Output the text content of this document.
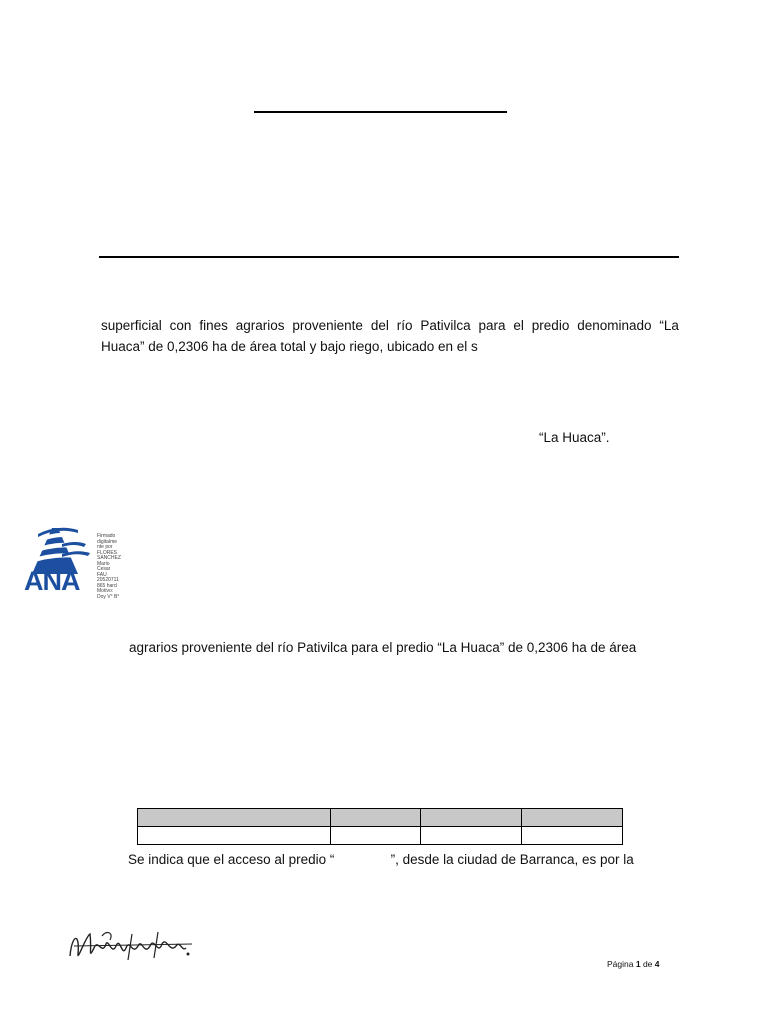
superficial con fines agrarios proveniente del río Pativilca para el predio denominado “La
Huaca” de 0,2306 ha de área total y bajo riego, ubicado en el s
“La Huaca”.
ANA
Firmado
digitalme
nte por
FLORES
SANCHEZ
Mario
Cesar
FAU
20520711
865 hard
Motivo:
Doy V° B°
agrarios proveniente del río Pativilca para el predio “La Huaca” de 0,2306 ha de área

Se indica que el acceso al predio “               ”, desde la ciudad de Barranca, es por la
Página 1 de 4
